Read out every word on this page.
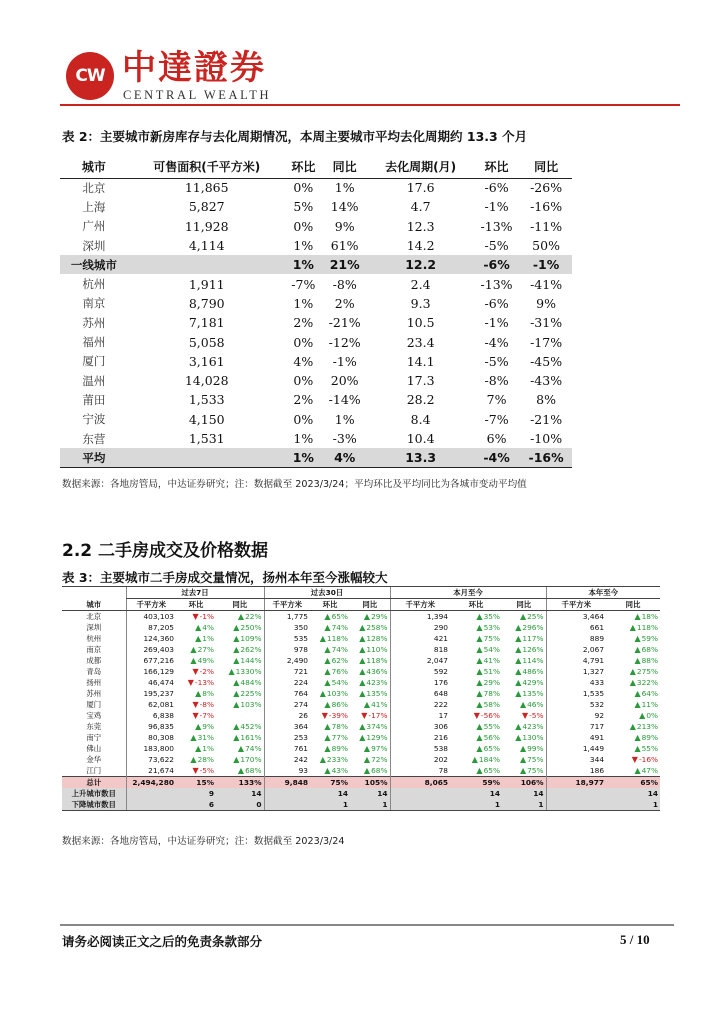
CW 中達證券
CENTRAL WEALTH
表 2：主要城市新房库存与去化周期情况，本周主要城市平均去化周期约 13.3 个月
城市	可售面积(千平方米)	环比	同比	去化周期(月)	环比	同比
北京	11,865	0%	1%	17.6	-6%	-26%
上海	5,827	5%	14%	4.7	-1%	-16%
广州	11,928	0%	9%	12.3	-13%	-11%
深圳	4,114	1%	61%	14.2	-5%	50%
一线城市		1%	21%	12.2	-6%	-1%
杭州	1,911	-7%	-8%	2.4	-13%	-41%
南京	8,790	1%	2%	9.3	-6%	9%
苏州	7,181	2%	-21%	10.5	-1%	-31%
福州	5,058	0%	-12%	23.4	-4%	-17%
厦门	3,161	4%	-1%	14.1	-5%	-45%
温州	14,028	0%	20%	17.3	-8%	-43%
莆田	1,533	2%	-14%	28.2	7%	8%
宁波	4,150	0%	1%	8.4	-7%	-21%
东营	1,531	1%	-3%	10.4	6%	-10%
平均		1%	4%	13.3	-4%	-16%
数据来源：各地房管局，中达证券研究；注：数据截至 2023/3/24；平均环比及平均同比为各城市变动平均值
2.2 二手房成交及价格数据
表 3：主要城市二手房成交量情况，扬州本年至今涨幅较大
	过去7日			过去30日			本月至今			本年至今	
城市	千平方米	环比	同比	千平方米	环比	同比	千平方米	环比	同比	千平方米	同比
北京	403,103	▼-1%	▲22%	1,775	▲65%	▲29%	1,394	▲35%	▲25%	3,464	▲18%
深圳	87,205	▲4%	▲250%	350	▲74%	▲258%	290	▲53%	▲296%	661	▲118%
杭州	124,360	▲1%	▲109%	535	▲118%	▲128%	421	▲75%	▲117%	889	▲59%
南京	269,403	▲27%	▲262%	978	▲74%	▲110%	818	▲54%	▲126%	2,067	▲68%
成都	677,216	▲49%	▲144%	2,490	▲62%	▲118%	2,047	▲41%	▲114%	4,791	▲88%
青岛	166,129	▼-2%	▲1330%	721	▲76%	▲436%	592	▲51%	▲486%	1,327	▲275%
扬州	46,474	▼-13%	▲484%	224	▲54%	▲423%	176	▲29%	▲429%	433	▲322%
苏州	195,237	▲8%	▲225%	764	▲103%	▲135%	648	▲78%	▲135%	1,535	▲64%
厦门	62,081	▼-8%	▲103%	274	▲86%	▲41%	222	▲58%	▲46%	532	▲11%
宝鸡	6,838	▼-7%		26	▼-39%	▼-17%	17	▼-56%	▼-5%	92	▲0%
东莞	96,835	▲9%	▲452%	364	▲78%	▲374%	306	▲55%	▲423%	717	▲213%
南宁	80,308	▲31%	▲161%	253	▲77%	▲129%	216	▲56%	▲130%	491	▲89%
佛山	183,800	▲1%	▲74%	761	▲89%	▲97%	538	▲65%	▲99%	1,449	▲55%
金华	73,622	▲28%	▲170%	242	▲233%	▲72%	202	▲184%	▲75%	344	▼-16%
江门	21,674	▼-5%	▲68%	93	▲43%	▲68%	78	▲65%	▲75%	186	▲47%
总计	2,494,280	15%	133%	9,848	75%	105%	8,065	59%	106%	18,977	65%
上升城市数目		9	14		14	14		14	14		14
下降城市数目		6	0		1	1		1	1		1
数据来源：各地房管局，中达证券研究；注：数据截至 2023/3/24
请务必阅读正文之后的免责条款部分	5 / 10
